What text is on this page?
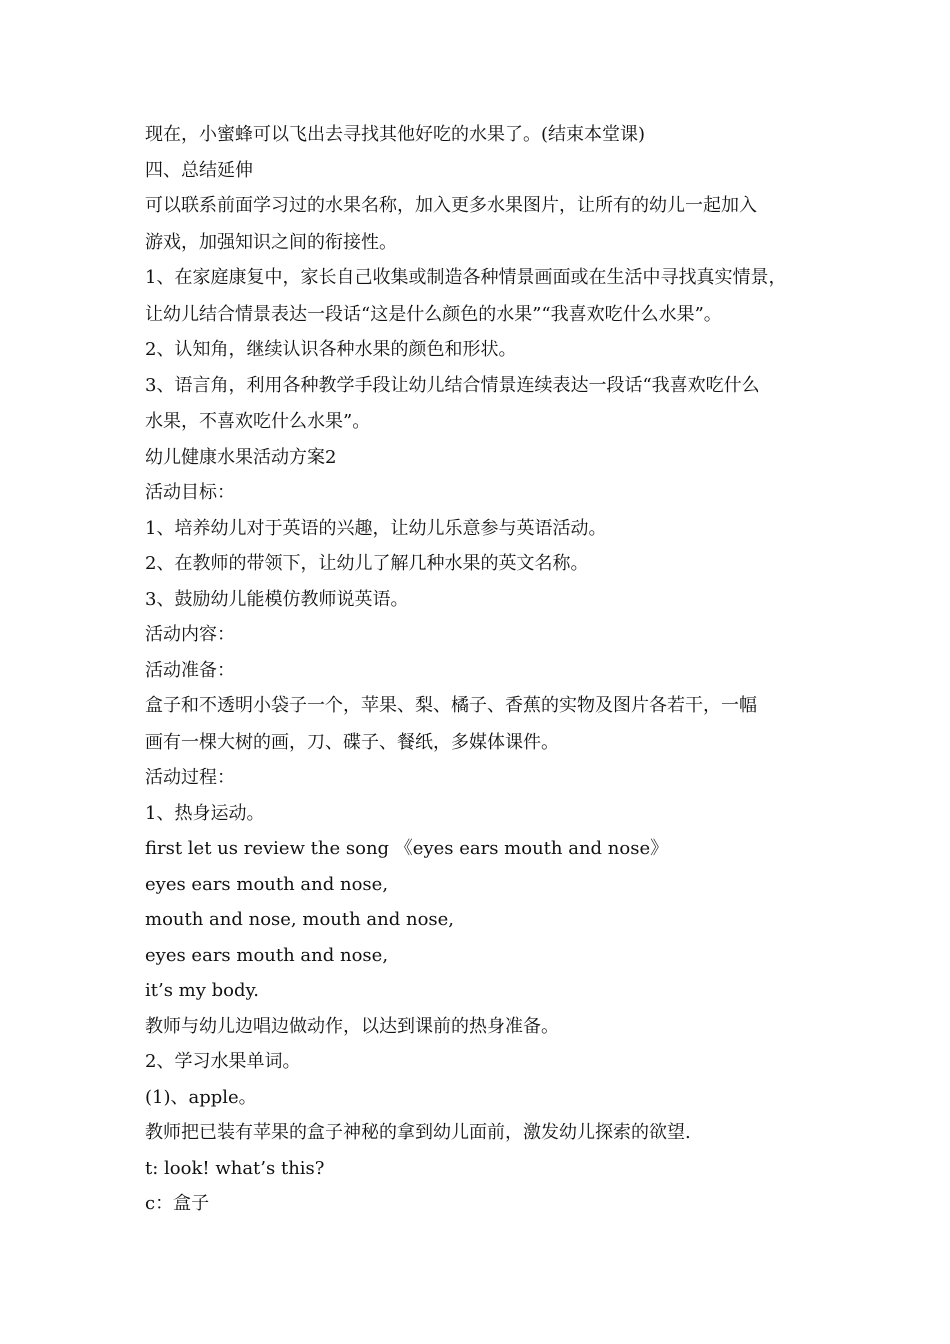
现在，小蜜蜂可以飞出去寻找其他好吃的水果了。(结束本堂课)
四、总结延伸
可以联系前面学习过的水果名称，加入更多水果图片，让所有的幼儿一起加入
游戏，加强知识之间的衔接性。
1、在家庭康复中，家长自己收集或制造各种情景画面或在生活中寻找真实情景，
让幼儿结合情景表达一段话“这是什么颜色的水果”“我喜欢吃什么水果”。
2、认知角，继续认识各种水果的颜色和形状。
3、语言角，利用各种教学手段让幼儿结合情景连续表达一段话“我喜欢吃什么
水果，不喜欢吃什么水果”。
幼儿健康水果活动方案2
活动目标：
1、培养幼儿对于英语的兴趣，让幼儿乐意参与英语活动。
2、在教师的带领下，让幼儿了解几种水果的英文名称。
3、鼓励幼儿能模仿教师说英语。
活动内容：
活动准备：
盒子和不透明小袋子一个，苹果、梨、橘子、香蕉的实物及图片各若干，一幅
画有一棵大树的画，刀、碟子、餐纸，多媒体课件。
活动过程：
1、热身运动。
first let us review the song 《eyes ears mouth and nose》
eyes ears mouth and nose,
mouth and nose, mouth and nose,
eyes ears mouth and nose,
it’s my body.
教师与幼儿边唱边做动作，以达到课前的热身准备。
2、学习水果单词。
(1)、apple。
教师把已装有苹果的盒子神秘的拿到幼儿面前，激发幼儿探索的欲望.
t: look! what’s this?
c：盒子
